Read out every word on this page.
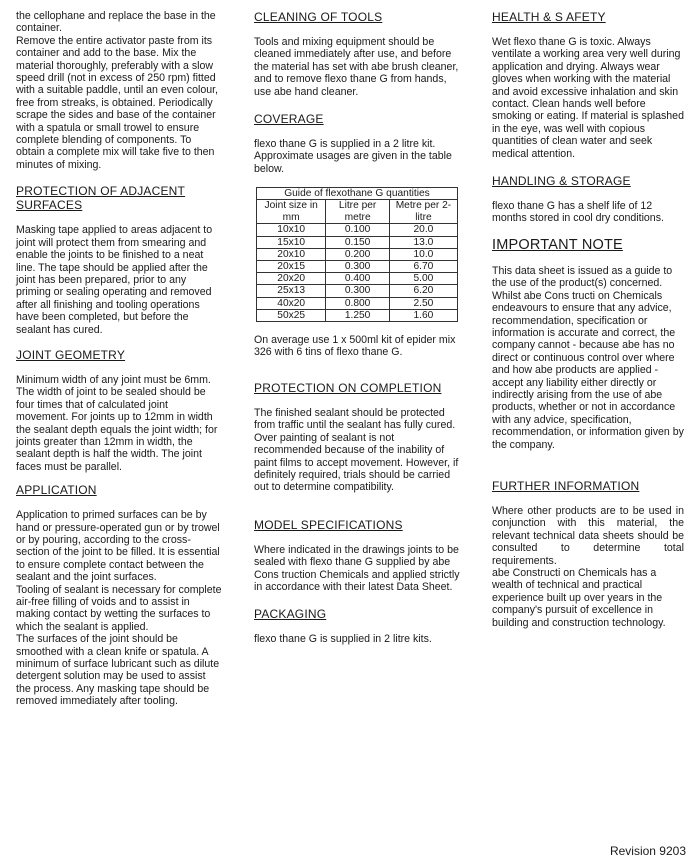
the cellophane and replace the base in the container.

Remove the entire activator paste from its container and add to the base. Mix the material thoroughly, preferably with a slow speed drill (not in excess of 250 rpm) fitted with a suitable paddle, until an even colour, free from streaks, is obtained. Periodically scrape the sides and base of the container with a spatula or small trowel to ensure complete blending of components. To obtain a complete mix will take five to then minutes of mixing.

PROTECTION OF ADJACENT SURFACES

Masking tape applied to areas adjacent to joint will protect them from smearing and enable the joints to be finished to a neat line. The tape should be applied after the joint has been prepared, prior to any priming or sealing operating and removed after all finishing and tooling operations have been completed, but before the sealant has cured.

JOINT GEOMETRY

Minimum width of any joint must be 6mm. The width of joint to be sealed should be four times that of calculated joint movement. For joints up to 12mm in width the sealant depth equals the joint width; for joints greater than 12mm in width, the sealant depth is half the width. The joint faces must be parallel.

APPLICATION

Application to primed surfaces can be by hand or pressure-operated gun or by trowel or by pouring, according to the cross-section of the joint to be filled. It is essential to ensure complete contact between the sealant and the joint surfaces.

Tooling of sealant is necessary for complete air-free filling of voids and to assist in making contact by wetting the surfaces to which the sealant is applied.

The surfaces of the joint should be smoothed with a clean knife or spatula. A minimum of surface lubricant such as dilute detergent solution may be used to assist the process. Any masking tape should be removed immediately after tooling.

CLEANING OF TOOLS

Tools and mixing equipment should be cleaned immediately after use, and before the material has set with abe brush cleaner, and to remove flexo thane G from hands, use abe hand cleaner.

COVERAGE

flexo thane G is supplied in a 2 litre kit. Approximate usages are given in the table below.

Guide of flexothane G quantities		
Joint size in mm	Litre per metre	Metre per 2-litre
10x10	0.100	20.0
15x10	0.150	13.0
20x10	0.200	10.0
20x15	0.300	6.70
20x20	0.400	5.00
25x13	0.300	6.20
40x20	0.800	2.50
50x25	1.250	1.60

On average use 1 x 500ml kit of epider mix 326 with 6 tins of flexo thane G.

PROTECTION ON COMPLETION

The finished sealant should be protected from traffic until the sealant has fully cured. Over painting of sealant is not recommended because of the inability of paint films to accept movement. However, if definitely required, trials should be carried out to determine compatibility.

MODEL SPECIFICATIONS

Where indicated in the drawings joints to be sealed with flexo thane G supplied by abe Cons truction Chemicals and applied strictly in accordance with their latest Data Sheet.

PACKAGING

flexo thane G is supplied in 2 litre kits.

HEALTH & S AFETY

Wet flexo thane G is toxic. Always ventilate a working area very well during application and drying. Always wear gloves when working with the material and avoid excessive inhalation and skin contact. Clean hands well before smoking or eating. If material is splashed in the eye, was well with copious quantities of clean water and seek medical attention.

HANDLING & STORAGE

flexo thane G has a shelf life of 12 months stored in cool dry conditions.

IMPORTANT NOTE

This data sheet is issued as a guide to the use of the product(s) concerned. Whilst abe Cons tructi on Chemicals endeavours to ensure that any advice, recommendation, specification or information is accurate and correct, the company cannot - because abe has no direct or continuous control over where and how abe products are applied - accept any liability either directly or indirectly arising from the use of abe products, whether or not in accordance with any advice, specification, recommendation, or information given by the company.

FURTHER INFORMATION

Where other products are to be used in conjunction with this material, the relevant technical data sheets should be consulted to determine total requirements.

abe Constructi on Chemicals has a wealth of technical and practical experience built up over years in the company's pursuit of excellence in building and construction technology.

Revision 9203
